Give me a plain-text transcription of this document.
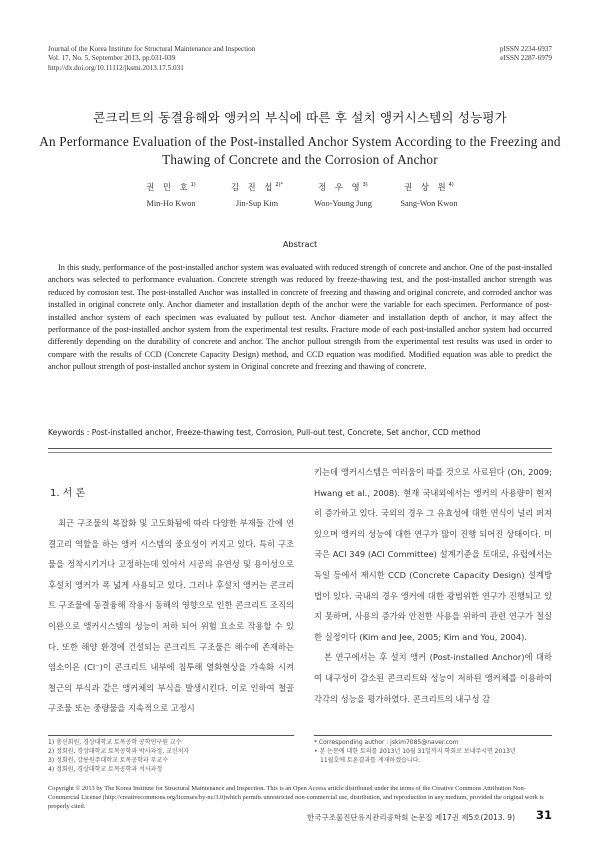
Journal of the Korea Institute for Structural Maintenance and Inspection
Vol. 17, No. 5, September 2013, pp.031-039
http://dx.doi.org/10.11112/jksmi.2013.17.5.031
pISSN 2234-6937
eISSN 2287-6979
콘크리트의 동결융해와 앵커의 부식에 따른 후 설치 앵커시스템의 성능평가
An Performance Evaluation of the Post-installed Anchor System According to the Freezing and
Thawing of Concrete and the Corrosion of Anchor
권 민 호$^{1)}$
Min-Ho Kwon
김 진 섭$^{2)*}$
Jin-Sup Kim
정 우 영$^{3)}$
Woo-Young Jung
권 상 원$^{4)}$
Sang-Won Kwon
Abstract
In this study, performance of the post-installed anchor system was evaluated with reduced strength of concrete and anchor. One of the post-installed anchors was selected to performance evaluation. Concrete strength was reduced by freeze-thawing test, and the post-installed anchor strength was reduced by corrosion test. The post-installed Anchor was installed in concrete of freezing and thawing and original concrete, and corroded anchor was installed in original concrete only. Anchor diameter and installation depth of the anchor were the variable for each specimen. Performance of post-installed anchor system of each specimen was evaluated by pullout test. Anchor diameter and installation depth of anchor, it may affect the performance of the post-installed anchor system from the experimental test results. Fracture mode of each post-installed anchor system had occurred differently depending on the durability of concrete and anchor. The anchor pullout strength from the experimental test results was used in order to compare with the results of CCD (Concrete Capacity Design) method, and CCD equation was modified. Modified equation was able to predict the anchor pullout strength of post-installed anchor system in Original concrete and freezing and thawing of concrete.
Keywords : Post-installed anchor, Freeze-thawing test, Corrosion, Pull-out test, Concrete, Set anchor, CCD method
1. 서 론
최근 구조물의 복잡화 및 고도화됨에 따라 다양한 부재들 간에 연결고리 역할을 하는 앵커 시스템의 중요성이 커지고 있다. 특히 구조물을 정착시키거나 고정하는데 있어서 시공의 유연성 및 용이성으로 후설치 앵커가 폭 넓게 사용되고 있다. 그러나 후설치 앵커는 콘크리트 구조물에 동결융해 작용시 동해의 영향으로 인한 콘크리트 조직의 이완으로 앵커시스템의 성능이 저하 되어 위험 요소로 작용할 수 있다. 또한 해양 환경에 건설되는 콘크리트 구조물은 해수에 존재하는 염소이온 (Cl⁻)이 콘크리트 내부에 침투해 열화현상을 가속화 시켜 철근의 부식과 같은 앵커체의 부식을 발생시킨다. 이로 인하여 철골구조물 또는 중량물을 지속적으로 고정시
키는데 앵커시스템은 여러움이 따를 것으로 사료된다 (Oh, 2009; Hwang et al., 2008). 현재 국내외에서는 앵커의 사용량이 현저히 증가하고 있다. 국외의 경우 그 유효성에 대한 연식이 널리 퍼져 있으며 앵커의 성능에 대한 연구가 많이 진행 되어진 상태이다. 미국은 ACI 349 (ACI Committee) 설계기준을 토대로, 유럽에서는 독일 등에서 제시한 CCD (Concrete Capacity Design) 설계방법이 있다. 국내의 경우 앵커에 대한 광범위한 연구가 진행되고 있지 못하며, 사용의 증가와 안전한 사용을 위하여 관련 연구가 절실한 실정이다 (Kim and Jee, 2005; Kim and You, 2004).
본 연구에서는 후 설치 앵커 (Post-installed Anchor)에 대하여 내구성이 감소된 콘크리트와 성능이 저하된 앵커체를 이용하여 각각의 성능을 평가하였다. 콘크리트의 내구성 감
1) 충신회원, 경상대학교 토목공학 공학연구원 교수
2) 정회원, 경상대학교 토목공학과 박사과정, 교신저자
3) 정회원, 강릉원주대학교 토목공학과 부교수
4) 정회원, 경상대학교 토목공학과 석사과정
* Corresponding author : jskim7085@naver.com
• 본 논문에 대한 토의를 2013년 10월 31일까지 학회로 보내주시면 2013년
11월호에 토론결과를 게재하겠습니다.
Copyright © 2013 by The Korea Institute for Structural Maintenance and Inspection. This is an Open Access article distributed under the terms of the Creative Commons Attribution Non-Commercial License (http://creativecommons.org/licenses/by-nc/3.0)which permits unrestricted non-commercial use, distribution, and reproduction in any medium, provided the original work is properly cited.
한국구조물진단유지관리공학회 논문집 제17권 제5호(2013. 9) 31
